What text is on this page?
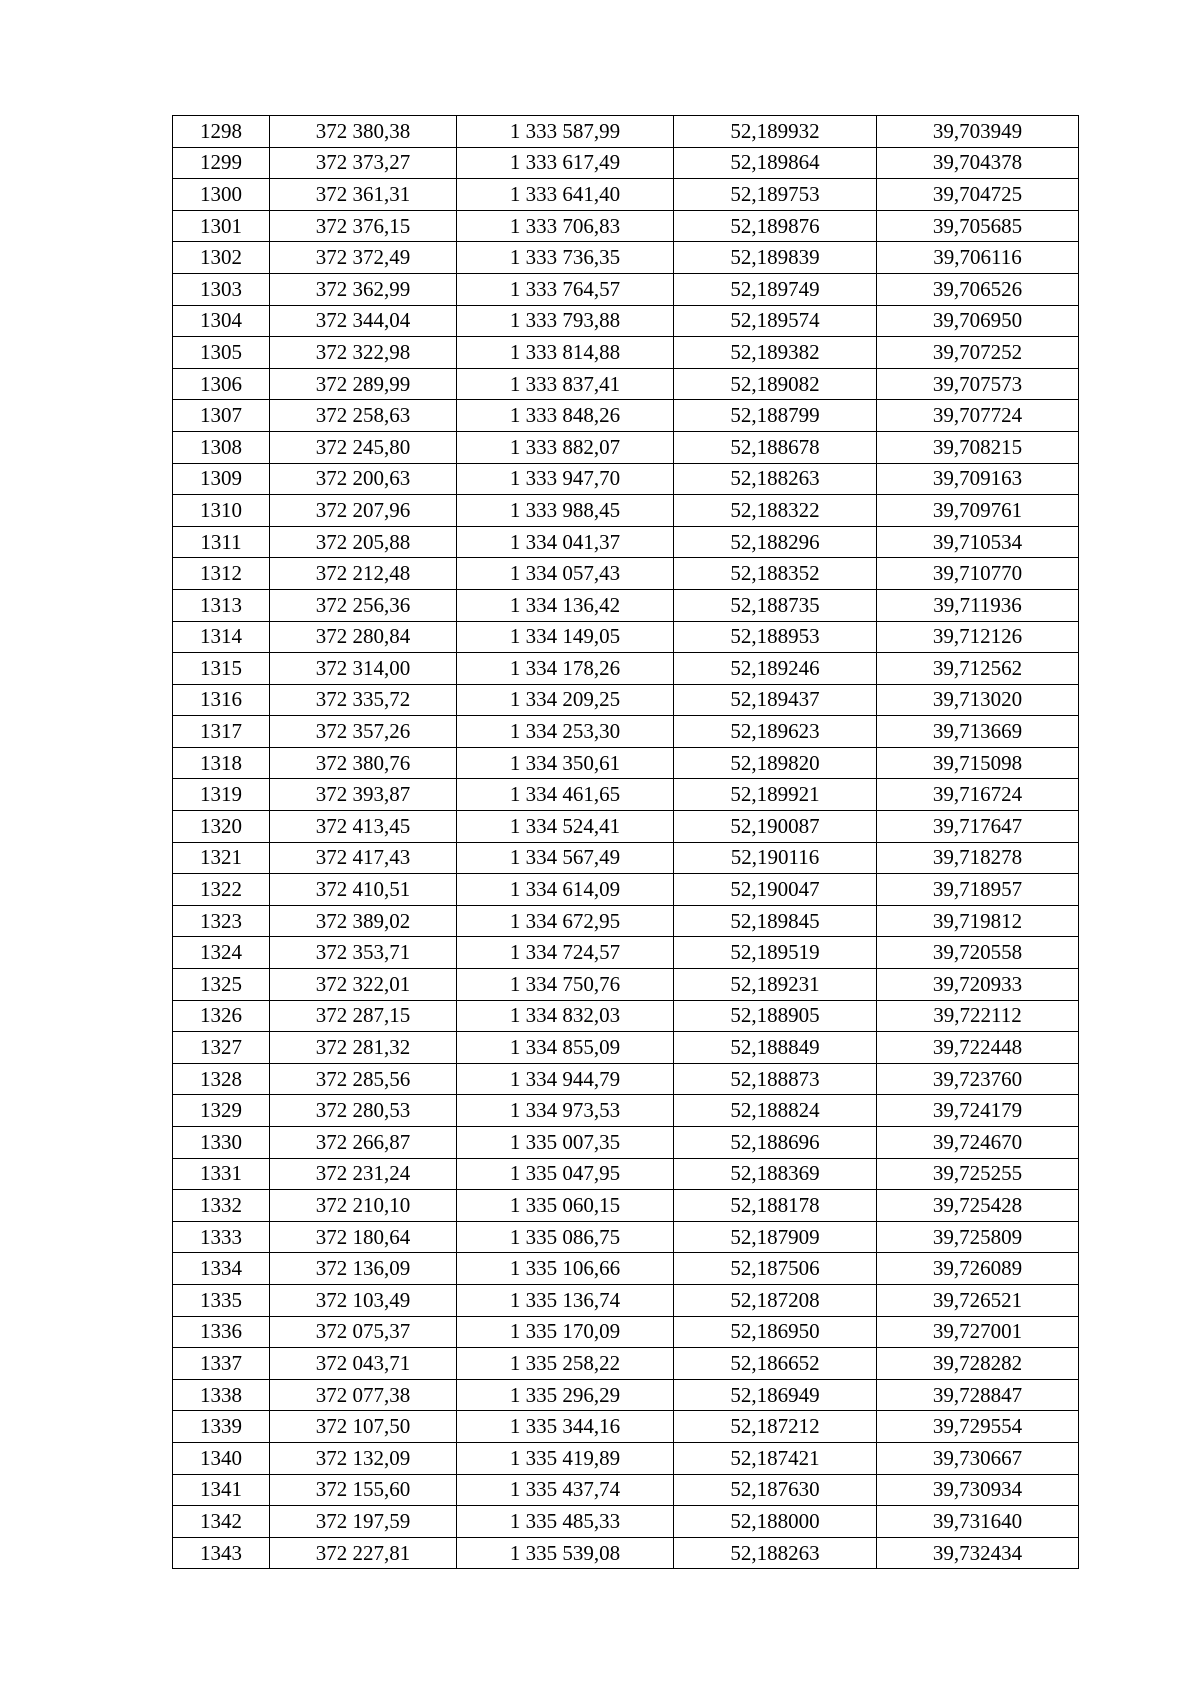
1298	372 380,38	1 333 587,99	52,189932	39,703949
1299	372 373,27	1 333 617,49	52,189864	39,704378
1300	372 361,31	1 333 641,40	52,189753	39,704725
1301	372 376,15	1 333 706,83	52,189876	39,705685
1302	372 372,49	1 333 736,35	52,189839	39,706116
1303	372 362,99	1 333 764,57	52,189749	39,706526
1304	372 344,04	1 333 793,88	52,189574	39,706950
1305	372 322,98	1 333 814,88	52,189382	39,707252
1306	372 289,99	1 333 837,41	52,189082	39,707573
1307	372 258,63	1 333 848,26	52,188799	39,707724
1308	372 245,80	1 333 882,07	52,188678	39,708215
1309	372 200,63	1 333 947,70	52,188263	39,709163
1310	372 207,96	1 333 988,45	52,188322	39,709761
1311	372 205,88	1 334 041,37	52,188296	39,710534
1312	372 212,48	1 334 057,43	52,188352	39,710770
1313	372 256,36	1 334 136,42	52,188735	39,711936
1314	372 280,84	1 334 149,05	52,188953	39,712126
1315	372 314,00	1 334 178,26	52,189246	39,712562
1316	372 335,72	1 334 209,25	52,189437	39,713020
1317	372 357,26	1 334 253,30	52,189623	39,713669
1318	372 380,76	1 334 350,61	52,189820	39,715098
1319	372 393,87	1 334 461,65	52,189921	39,716724
1320	372 413,45	1 334 524,41	52,190087	39,717647
1321	372 417,43	1 334 567,49	52,190116	39,718278
1322	372 410,51	1 334 614,09	52,190047	39,718957
1323	372 389,02	1 334 672,95	52,189845	39,719812
1324	372 353,71	1 334 724,57	52,189519	39,720558
1325	372 322,01	1 334 750,76	52,189231	39,720933
1326	372 287,15	1 334 832,03	52,188905	39,722112
1327	372 281,32	1 334 855,09	52,188849	39,722448
1328	372 285,56	1 334 944,79	52,188873	39,723760
1329	372 280,53	1 334 973,53	52,188824	39,724179
1330	372 266,87	1 335 007,35	52,188696	39,724670
1331	372 231,24	1 335 047,95	52,188369	39,725255
1332	372 210,10	1 335 060,15	52,188178	39,725428
1333	372 180,64	1 335 086,75	52,187909	39,725809
1334	372 136,09	1 335 106,66	52,187506	39,726089
1335	372 103,49	1 335 136,74	52,187208	39,726521
1336	372 075,37	1 335 170,09	52,186950	39,727001
1337	372 043,71	1 335 258,22	52,186652	39,728282
1338	372 077,38	1 335 296,29	52,186949	39,728847
1339	372 107,50	1 335 344,16	52,187212	39,729554
1340	372 132,09	1 335 419,89	52,187421	39,730667
1341	372 155,60	1 335 437,74	52,187630	39,730934
1342	372 197,59	1 335 485,33	52,188000	39,731640
1343	372 227,81	1 335 539,08	52,188263	39,732434
